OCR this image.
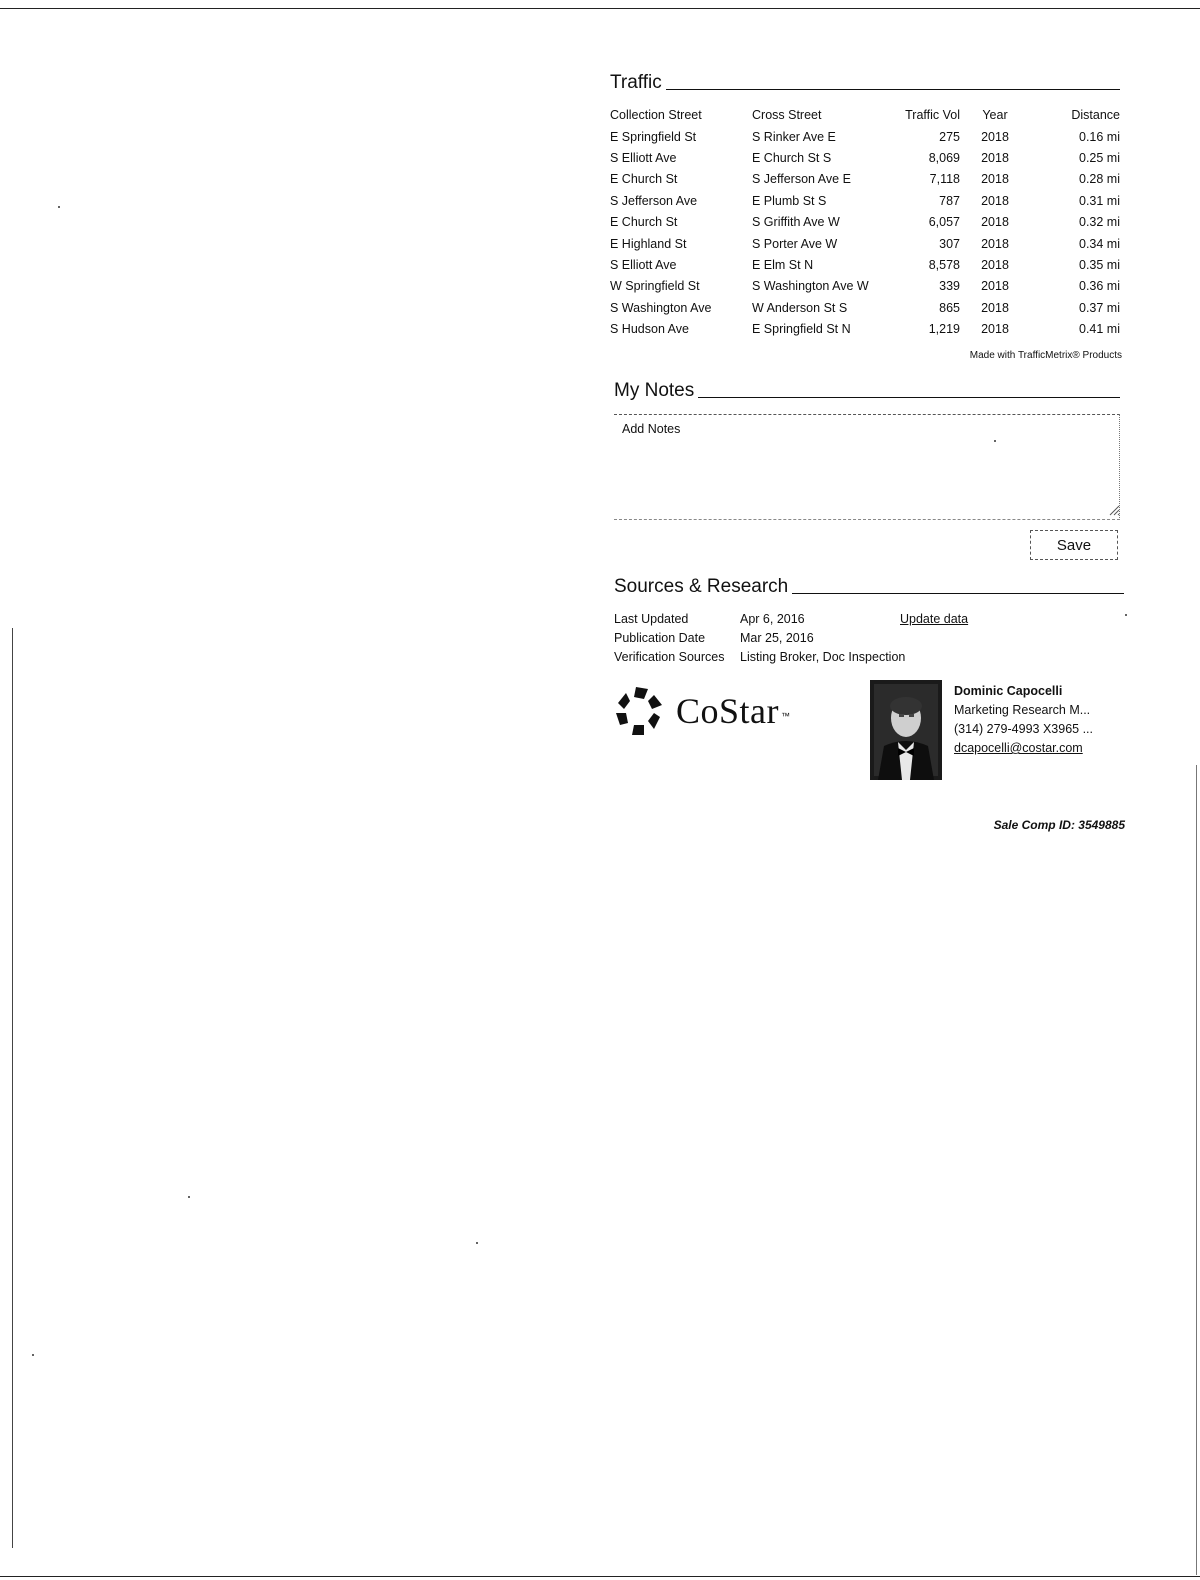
Traffic
Collection Street	Cross Street	Traffic Vol	Year	Distance
E Springfield St	S Rinker Ave E	275	2018	0.16 mi
S Elliott Ave	E Church St S	8,069	2018	0.25 mi
E Church St	S Jefferson Ave E	7,118	2018	0.28 mi
S Jefferson Ave	E Plumb St S	787	2018	0.31 mi
E Church St	S Griffith Ave W	6,057	2018	0.32 mi
E Highland St	S Porter Ave W	307	2018	0.34 mi
S Elliott Ave	E Elm St N	8,578	2018	0.35 mi
W Springfield St	S Washington Ave W	339	2018	0.36 mi
S Washington Ave	W Anderson St S	865	2018	0.37 mi
S Hudson Ave	E Springfield St N	1,219	2018	0.41 mi
Made with TrafficMetrix® Products
My Notes
Add Notes
Save
Sources & Research
Last Updated	Apr 6, 2016	Update data
Publication Date	Mar 25, 2016
Verification Sources	Listing Broker, Doc Inspection
CoStar ™
Dominic Capocelli
Marketing Research M...
(314) 279-4993 X3965 ...
dcapocelli@costar.com
Sale Comp ID: 3549885
